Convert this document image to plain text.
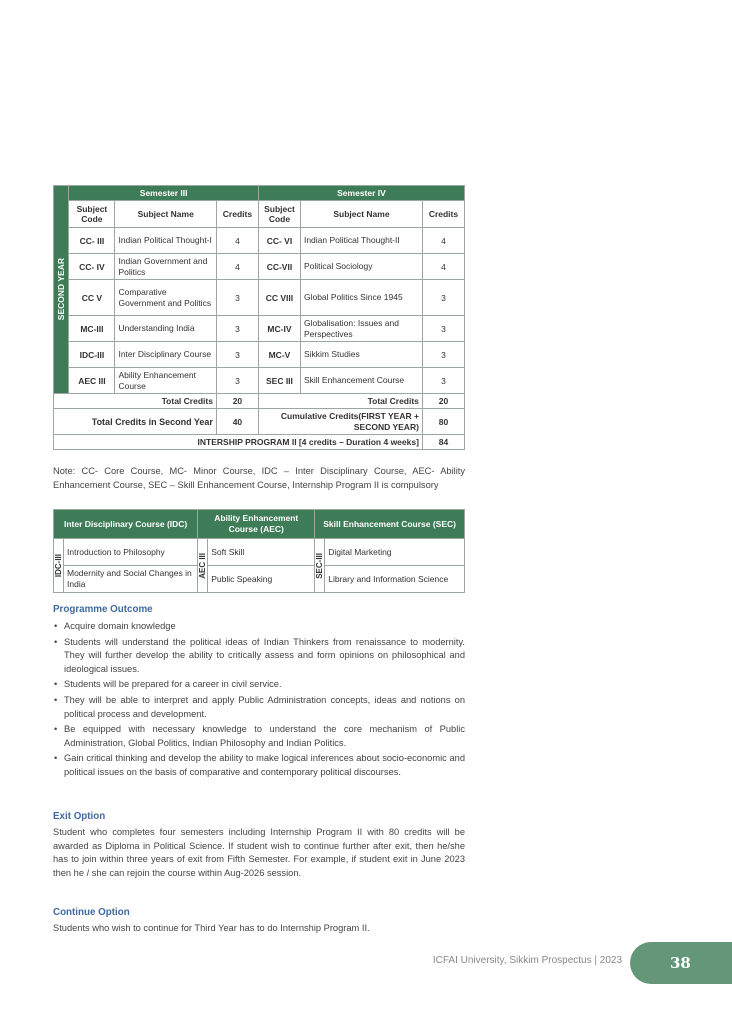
SECOND YEAR	Semester III			Semester IV		
	Subject Code	Subject Name	Credits	Subject Code	Subject Name	Credits
	CC- III	Indian Political Thought-I	4	CC- VI	Indian Political Thought-II	4
	CC- IV	Indian Government and Politics	4	CC-VII	Political Sociology	4
	CC V	Comparative Government and Politics	3	CC VIII	Global Politics Since 1945	3
	MC-III	Understanding India	3	MC-IV	Globalisation: Issues and Perspectives	3
	IDC-III	Inter Disciplinary Course	3	MC-V	Sikkim Studies	3
	AEC III	Ability Enhancement Course	3	SEC III	Skill Enhancement Course	3
Total Credits			20	Total Credits		20
Total Credits in Second Year			40	Cumulative Credits(FIRST YEAR + SECOND YEAR)		80
INTERSHIP PROGRAM II [4 credits – Duration 4 weeks]						84
Note: CC- Core Course, MC- Minor Course, IDC – Inter Disciplinary Course, AEC- Ability Enhancement Course, SEC – Skill Enhancement Course, Internship Program II is compulsory
Inter Disciplinary Course (IDC)		Ability Enhancement Course (AEC)		Skill Enhancement Course (SEC)	

IDC-III	Introduction to Philosophy	AEC III	Soft Skill	SEC-III	Digital Marketing
	Modernity and Social Changes in India		Public Speaking		Library and Information Science
Programme Outcome
• Acquire domain knowledge
• Students will understand the political ideas of Indian Thinkers from renaissance to modernity. They will further develop the ability to critically assess and form opinions on philosophical and ideological issues.
• Students will be prepared for a career in civil service.
• They will be able to interpret and apply Public Administration concepts, ideas and notions on political process and development.
• Be equipped with necessary knowledge to understand the core mechanism of Public Administration, Global Politics, Indian Philosophy and Indian Politics.
• Gain critical thinking and develop the ability to make logical inferences about socio-economic and political issues on the basis of comparative and contemporary political discourses.
Exit Option
Student who completes four semesters including Internship Program II with 80 credits will be awarded as Diploma in Political Science. If student wish to continue further after exit, then he/she has to join within three years of exit from Fifth Semester. For example, if student exit in June 2023 then he / she can rejoin the course within Aug-2026 session.
Continue Option
Students who wish to continue for Third Year has to do Internship Program II.
ICFAI University, Sikkim Prospectus | 2023	38
